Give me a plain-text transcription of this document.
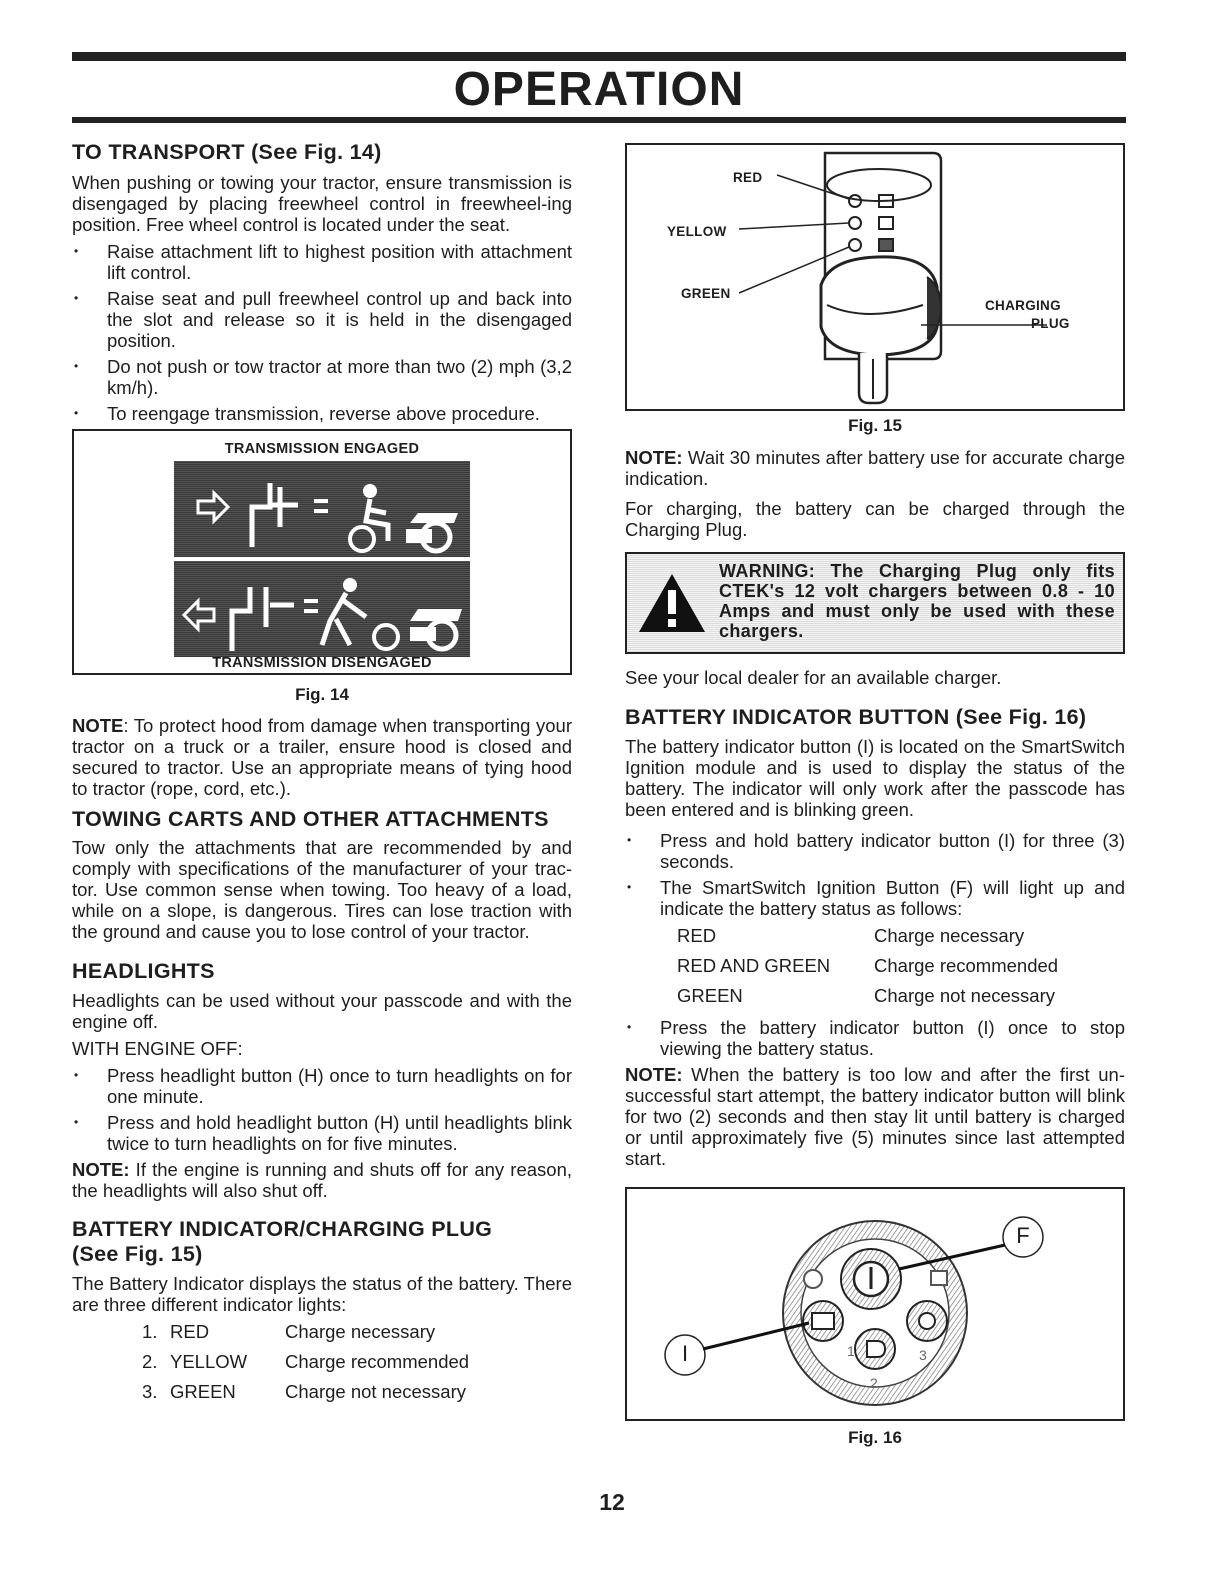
OPERATION
TO TRANSPORT (See Fig. 14)

When pushing or towing your tractor, ensure transmission is disengaged by placing freewheel control in freewheel-ing position. Free wheel control is located under the seat.

• Raise attachment lift to highest position with attachment lift control.
• Raise seat and pull freewheel control up and back into the slot and release so it is held in the disengaged position.
• Do not push or tow tractor at more than two (2) mph (3,2 km/h).
• To reengage transmission, reverse above procedure.
TRANSMISSION ENGAGED
TRANSMISSION DISENGAGED
Fig. 14

NOTE: To protect hood from damage when transporting your tractor on a truck or a trailer, ensure hood is closed and secured to tractor. Use an appropriate means of tying hood to tractor (rope, cord, etc.).

TOWING CARTS AND OTHER ATTACHMENTS

Tow only the attachments that are recommended by and comply with specifications of the manufacturer of your trac-tor. Use common sense when towing. Too heavy of a load, while on a slope, is dangerous. Tires can lose traction with the ground and cause you to lose control of your tractor.

HEADLIGHTS

Headlights can be used without your passcode and with the engine off.

WITH ENGINE OFF:

• Press headlight button (H) once to turn headlights on for one minute.
• Press and hold headlight button (H) until headlights blink twice to turn headlights on for five minutes.

NOTE: If the engine is running and shuts off for any reason, the headlights will also shut off.

BATTERY INDICATOR/CHARGING PLUG
(See Fig. 15)

The Battery Indicator displays the status of the battery. There are three different indicator lights:

1.	RED	Charge necessary
2.	YELLOW	Charge recommended
3.	GREEN	Charge not necessary
RED
YELLOW
GREEN
CHARGING
PLUG
Fig. 15

NOTE: Wait 30 minutes after battery use for accurate charge indication.

For charging, the battery can be charged through the Charging Plug.

WARNING: The Charging Plug only fits CTEK's 12 volt chargers between 0.8 - 10 Amps and must only be used with these chargers.

See your local dealer for an available charger.

BATTERY INDICATOR BUTTON (See Fig. 16)

The battery indicator button (I) is located on the SmartSwitch Ignition module and is used to display the status of the battery. The indicator will only work after the passcode has been entered and is blinking green.

• Press and hold battery indicator button (I) for three (3) seconds.
• The SmartSwitch Ignition Button (F) will light up and indicate the battery status as follows:
RED	Charge necessary
RED AND GREEN	Charge recommended
GREEN	Charge not necessary
• Press the battery indicator button (I) once to stop viewing the battery status.

NOTE: When the battery is too low and after the first un-successful start attempt, the battery indicator button will blink for two (2) seconds and then stay lit until battery is charged or until approximately five (5) minutes since last attempted start.

F
I	1
2
3
Fig. 16
12
